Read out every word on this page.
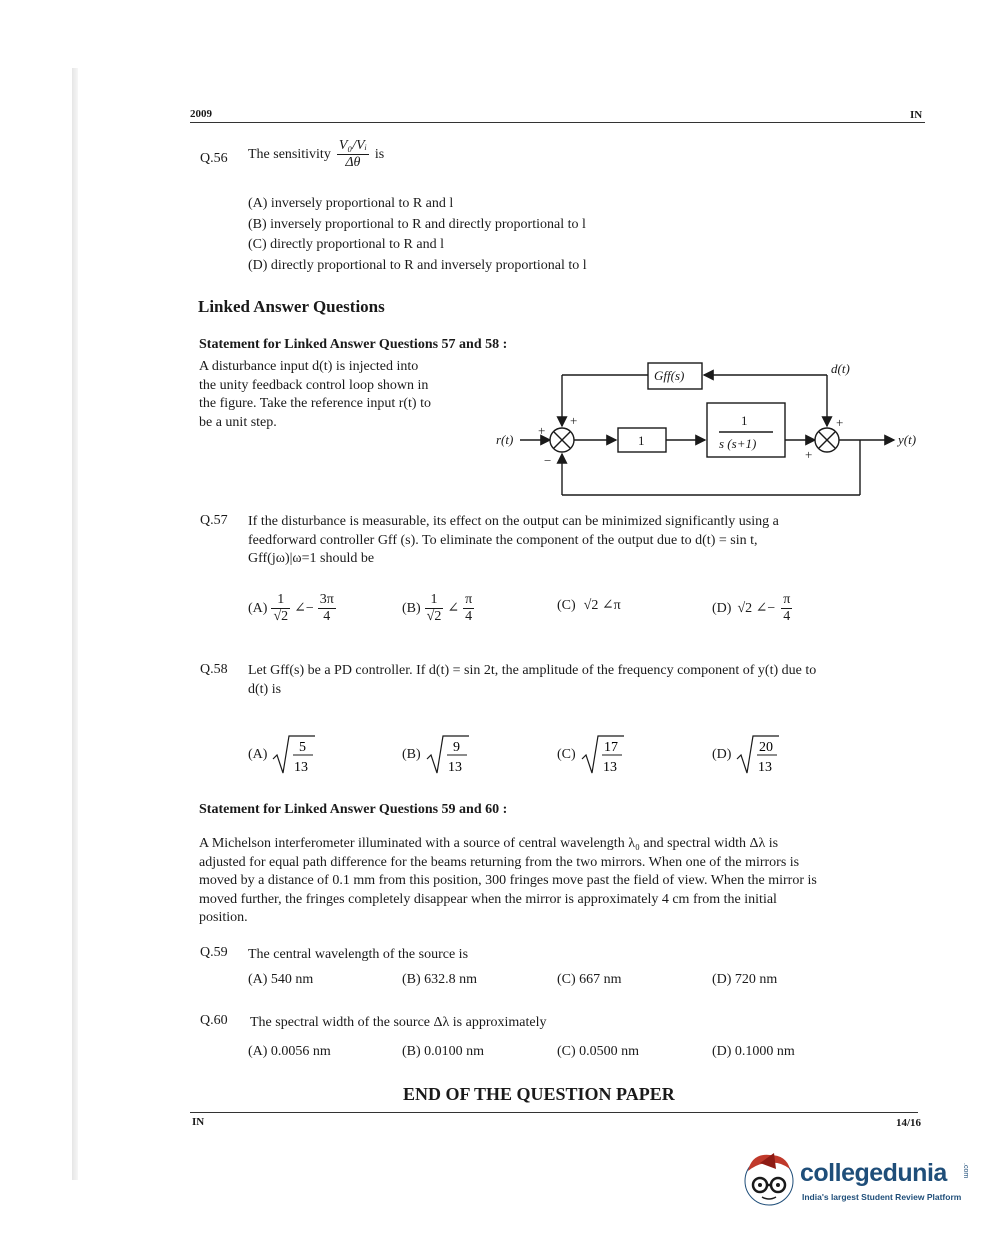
2009	IN
Q.56 The sensitivity $\frac{\text{V₀/Vᵢ}}{\Delta\theta}$ is
(A) inversely proportional to R and l
(B) inversely proportional to R and directly proportional to l
(C) directly proportional to R and l
(D) directly proportional to R and inversely proportional to l
Linked Answer Questions
Statement for Linked Answer Questions 57 and 58 :
A disturbance input d(t) is injected into
the unity feedback control loop shown in
the figure. Take the reference input r(t) to
be a unit step.
r(t)
+
+
−
1
1
s (s+1)
Gff(s)	d(t)
+
+
y(t)
Q.57 If the disturbance is measurable, its effect on the output can be minimized significantly using a
feedforward controller Gff (s). To eliminate the component of the output due to d(t) = sin t,
Gff(jω)|ω=1 should be
$(A) \frac{1}{√2}$ ∠− $\frac{3\pi}{4}$	$(B) \frac{1}{√2}$ ∠ $\frac{\pi}{4}$	(C) √2 ∠π	(D) √2 ∠− $\frac{\pi}{4}$
Q.58 Let Gff(s) be a PD controller. If d(t) = sin 2t, the amplitude of the frequency component of y(t) due to
d(t) is
(A) 5
13
(B) 9
13
(C) 17
13
(D) 20
13
Statement for Linked Answer Questions 59 and 60 :
A Michelson interferometer illuminated with a source of central wavelength λ₀ and spectral width Δλ is
adjusted for equal path difference for the beams returning from the two mirrors. When one of the mirrors is
moved by a distance of 0.1 mm from this position, 300 fringes move past the field of view. When the mirror is
moved further, the fringes completely disappear when the mirror is approximately 4 cm from the initial
position.
Q.59 The central wavelength of the source is
(A) 540 nm	(B) 632.8 nm	(C) 667 nm	(D) 720 nm
Q.60 The spectral width of the source Δλ is approximately
(A) 0.0056 nm	(B) 0.0100 nm	(C) 0.0500 nm	(D) 0.1000 nm
END OF THE QUESTION PAPER
IN	14/16
collegedunia .com
India's largest Student Review Platform
